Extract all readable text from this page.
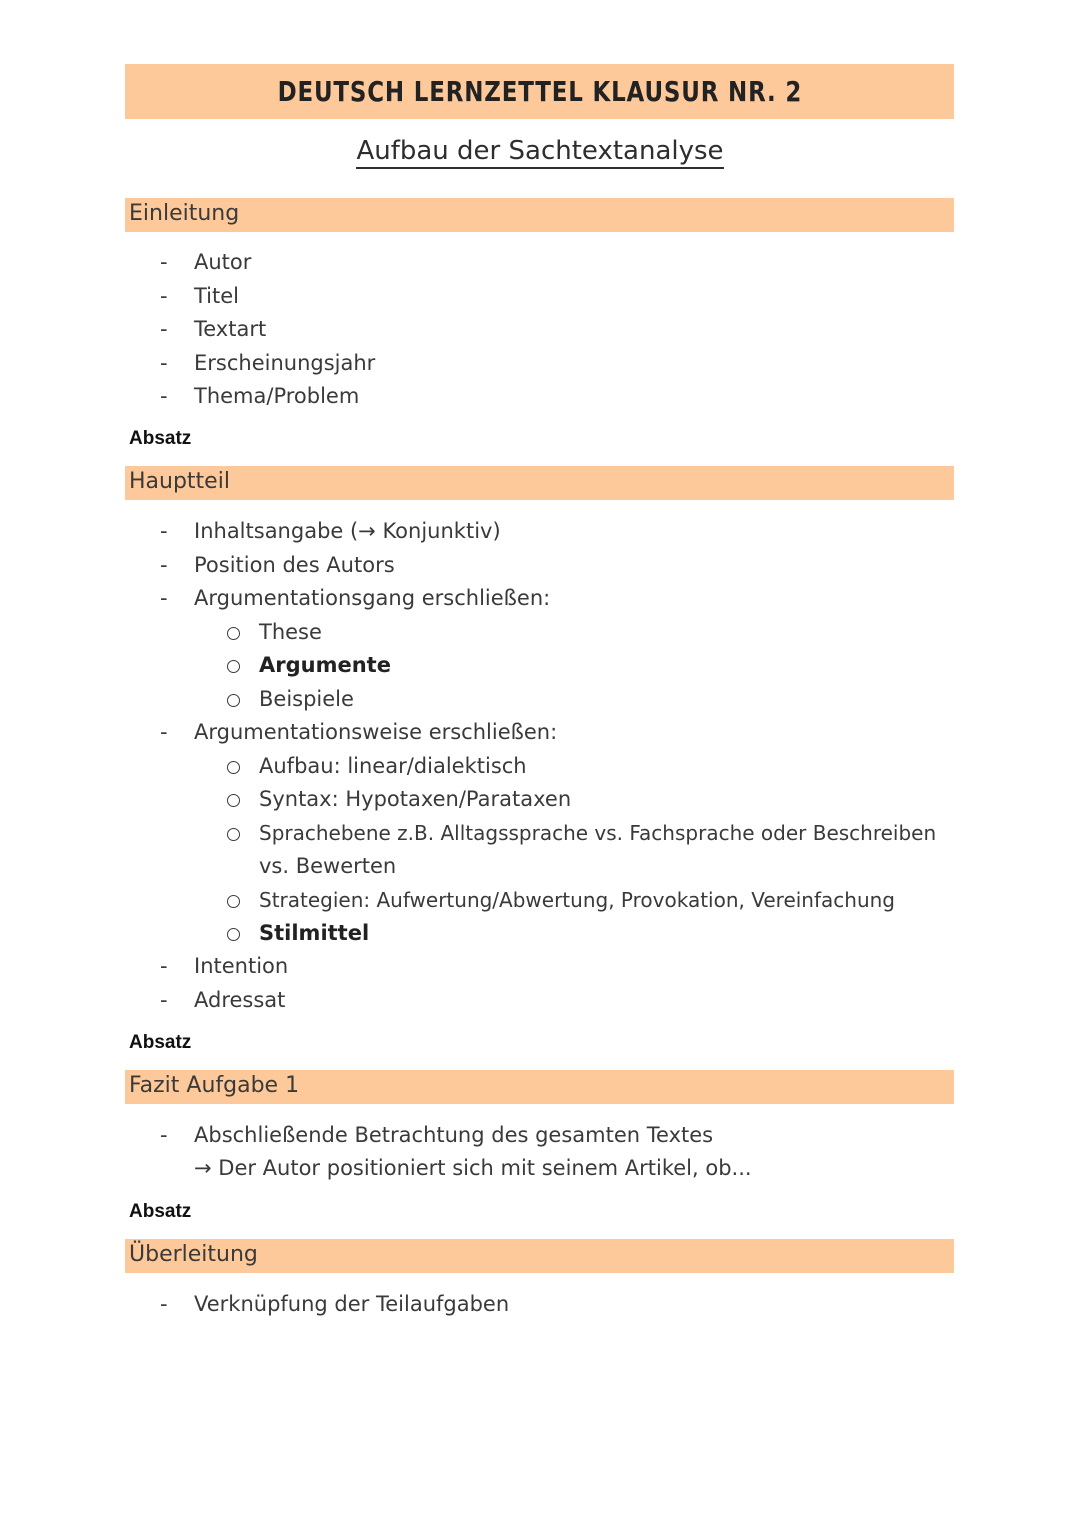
DEUTSCH LERNZETTEL KLAUSUR NR. 2
Aufbau der Sachtextanalyse
Einleitung
- Autor
- Titel
- Textart
- Erscheinungsjahr
- Thema/Problem
Absatz
Hauptteil
- Inhaltsangabe (→ Konjunktiv)
- Position des Autors
- Argumentationsgang erschließen:
These
Argumente
Beispiele
- Argumentationsweise erschließen:
Aufbau: linear/dialektisch
Syntax: Hypotaxen/Parataxen
Sprachebene z.B. Alltagssprache vs. Fachsprache oder Beschreiben
vs. Bewerten
Strategien: Aufwertung/Abwertung, Provokation, Vereinfachung
Stilmittel
- Intention
- Adressat
Absatz
Fazit Aufgabe 1
- Abschließende Betrachtung des gesamten Textes
→ Der Autor positioniert sich mit seinem Artikel, ob...
Absatz
Überleitung
- Verknüpfung der Teilaufgaben
